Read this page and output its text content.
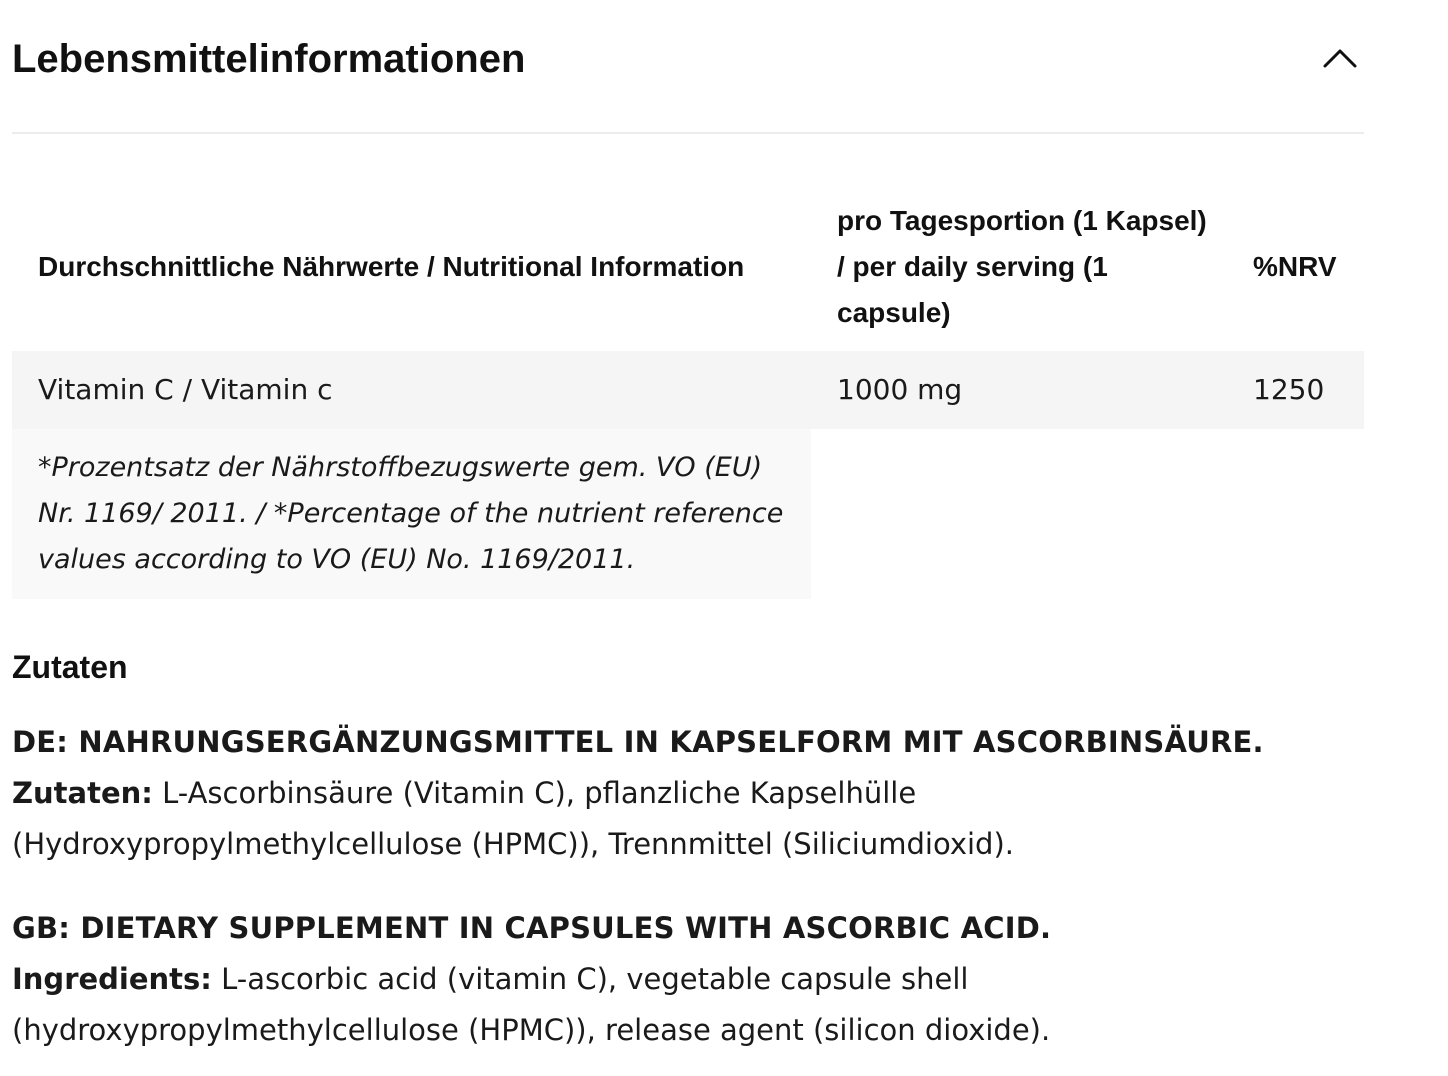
Lebensmittelinformationen
Durchschnittliche Nährwerte / Nutritional Information	pro Tagesportion (1 Kapsel) / per daily serving (1 capsule)	%NRV
Vitamin C / Vitamin c	1000 mg	1250
*Prozentsatz der Nährstoffbezugswerte gem. VO (EU) Nr. 1169/ 2011. / *Percentage of the nutrient reference values according to VO (EU) No. 1169/2011.		
Zutaten
DE: NAHRUNGSERGÄNZUNGSMITTEL IN KAPSELFORM MIT ASCORBINSÄURE.
Zutaten: L-Ascorbinsäure (Vitamin C), pflanzliche Kapselhülle (Hydroxypropylmethylcellulose (HPMC)), Trennmittel (Siliciumdioxid).
GB: DIETARY SUPPLEMENT IN CAPSULES WITH ASCORBIC ACID.
Ingredients: L-ascorbic acid (vitamin C), vegetable capsule shell (hydroxypropylmethylcellulose (HPMC)), release agent (silicon dioxide).
